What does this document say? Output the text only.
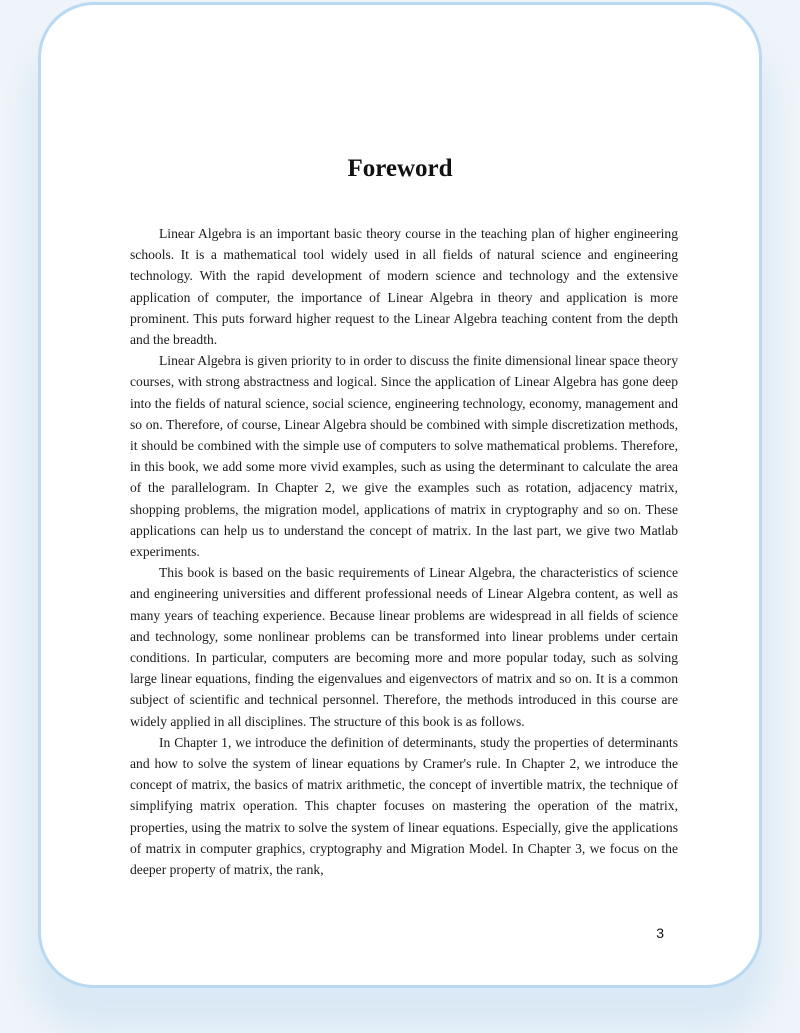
Foreword

Linear Algebra is an important basic theory course in the teaching plan of higher engineering schools. It is a mathematical tool widely used in all fields of natural science and engineering technology. With the rapid development of modern science and technology and the extensive application of computer, the importance of Linear Algebra in theory and application is more prominent. This puts forward higher request to the Linear Algebra teaching content from the depth and the breadth.

Linear Algebra is given priority to in order to discuss the finite dimensional linear space theory courses, with strong abstractness and logical. Since the application of Linear Algebra has gone deep into the fields of natural science, social science, engineering technology, economy, management and so on. Therefore, of course, Linear Algebra should be combined with simple discretization methods, it should be combined with the simple use of computers to solve mathematical problems. Therefore, in this book, we add some more vivid examples, such as using the determinant to calculate the area of the parallelogram. In Chapter 2, we give the examples such as rotation, adjacency matrix, shopping problems, the migration model, applications of matrix in cryptography and so on. These applications can help us to understand the concept of matrix. In the last part, we give two Matlab experiments.

This book is based on the basic requirements of Linear Algebra, the characteristics of science and engineering universities and different professional needs of Linear Algebra content, as well as many years of teaching experience. Because linear problems are widespread in all fields of science and technology, some nonlinear problems can be transformed into linear problems under certain conditions. In particular, computers are becoming more and more popular today, such as solving large linear equations, finding the eigenvalues and eigenvectors of matrix and so on. It is a common subject of scientific and technical personnel. Therefore, the methods introduced in this course are widely applied in all disciplines. The structure of this book is as follows.

In Chapter 1, we introduce the definition of determinants, study the properties of determinants and how to solve the system of linear equations by Cramer's rule. In Chapter 2, we introduce the concept of matrix, the basics of matrix arithmetic, the concept of invertible matrix, the technique of simplifying matrix operation. This chapter focuses on mastering the operation of the matrix, properties, using the matrix to solve the system of linear equations. Especially, give the applications of matrix in computer graphics, cryptography and Migration Model. In Chapter 3, we focus on the deeper property of matrix, the rank,

3
